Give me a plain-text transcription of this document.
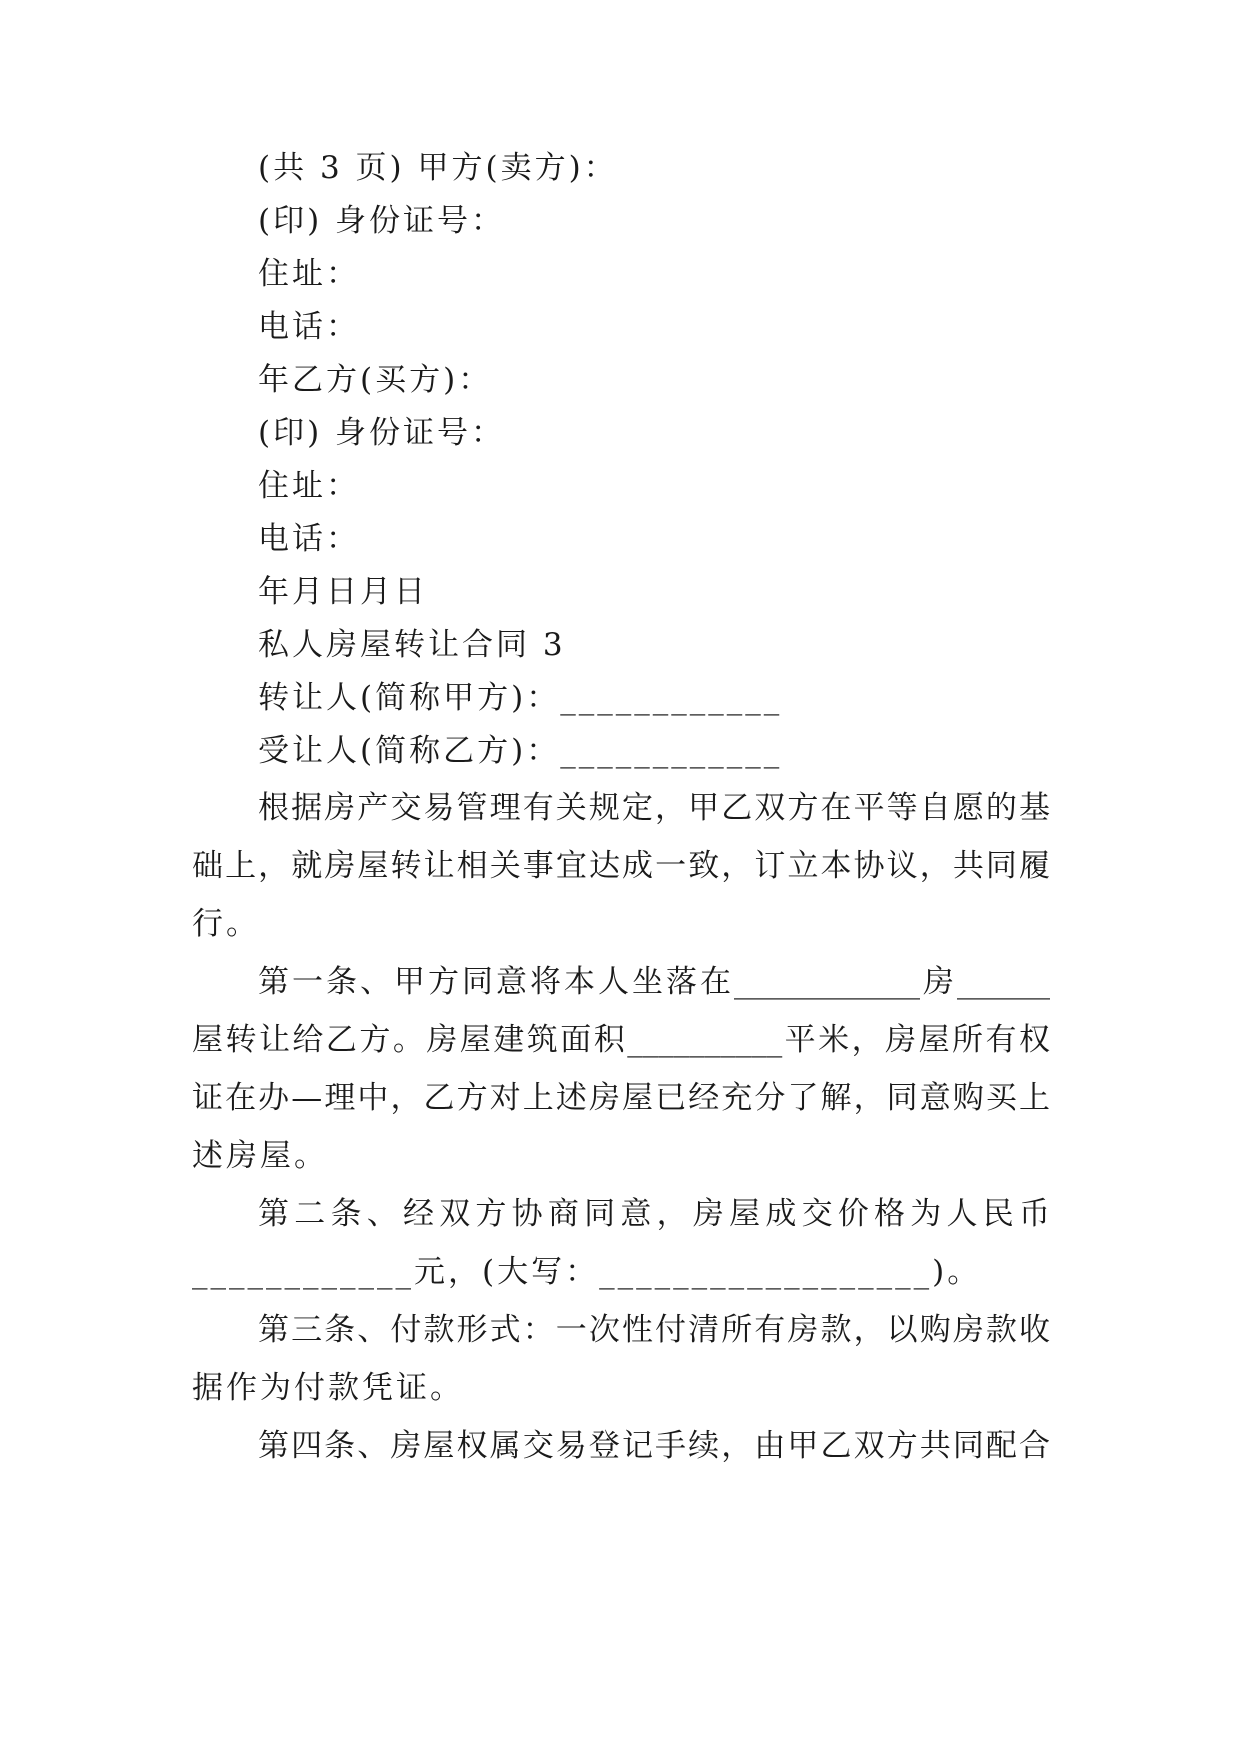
(共 3 页) 甲方(卖方)：
(印) 身份证号：
住址：
电话：
年乙方(买方)：
(印) 身份证号：
住址：
电话：
年月日月日
私人房屋转让合同 3
转让人(简称甲方)：____________
受让人(简称乙方)：____________
根据房产交易管理有关规定，甲乙双方在平等自愿的基
础上，就房屋转让相关事宜达成一致，订立本协议，共同履
行。
第一条、甲方同意将本人坐落在____________房______
屋转让给乙方。房屋建筑面积__________平米，房屋所有权
证在办—理中，乙方对上述房屋已经充分了解，同意购买上
述房屋。
第二条、经双方协商同意，房屋成交价格为人民币
____________元，(大写：__________________)。
第三条、付款形式：一次性付清所有房款，以购房款收
据作为付款凭证。
第四条、房屋权属交易登记手续，由甲乙双方共同配合
